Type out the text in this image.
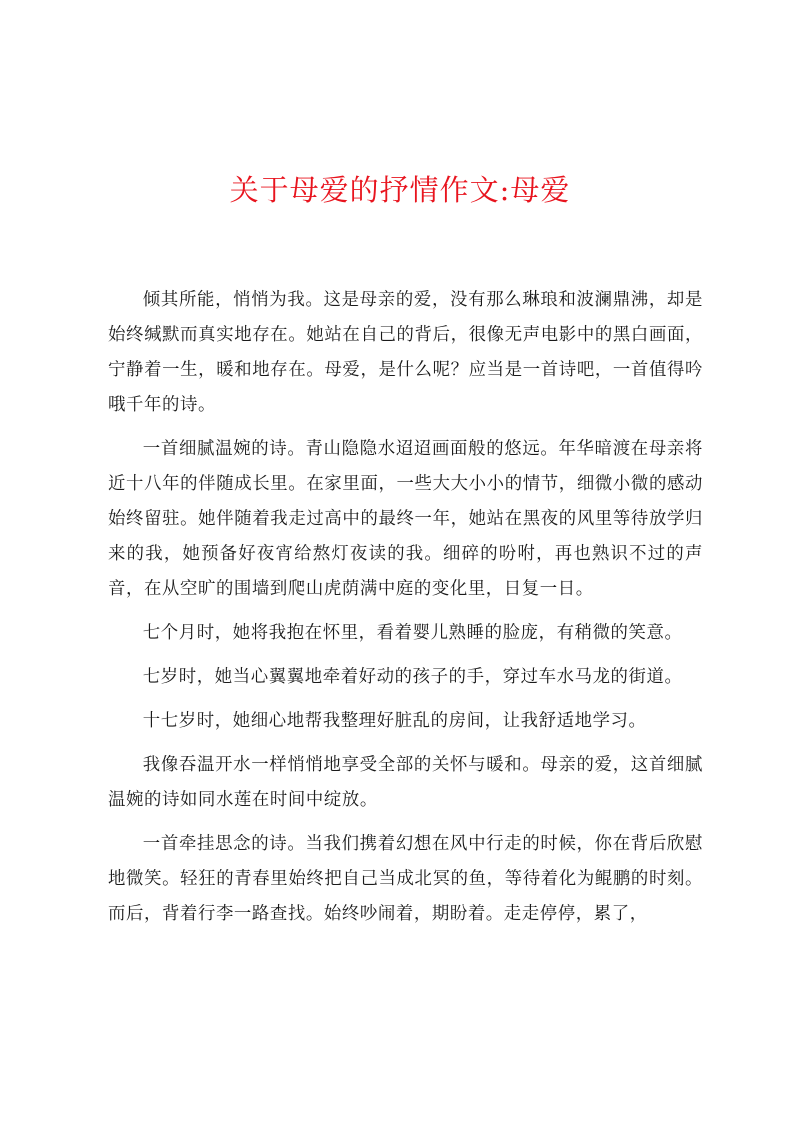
关于母爱的抒情作文:母爱

倾其所能，悄悄为我。这是母亲的爱，没有那么琳琅和波澜鼎沸，却是始终缄默而真实地存在。她站在自己的背后，很像无声电影中的黑白画面，宁静着一生，暖和地存在。母爱，是什么呢？应当是一首诗吧，一首值得吟哦千年的诗。

一首细腻温婉的诗。青山隐隐水迢迢画面般的悠远。年华暗渡在母亲将近十八年的伴随成长里。在家里面，一些大大小小的情节，细微小微的感动始终留驻。她伴随着我走过高中的最终一年，她站在黑夜的风里等待放学归来的我，她预备好夜宵给熬灯夜读的我。细碎的吩咐，再也熟识不过的声音，在从空旷的围墙到爬山虎荫满中庭的变化里，日复一日。

七个月时，她将我抱在怀里，看着婴儿熟睡的脸庞，有稍微的笑意。

七岁时，她当心翼翼地牵着好动的孩子的手，穿过车水马龙的街道。

十七岁时，她细心地帮我整理好脏乱的房间，让我舒适地学习。

我像吞温开水一样悄悄地享受全部的关怀与暖和。母亲的爱，这首细腻温婉的诗如同水莲在时间中绽放。

一首牵挂思念的诗。当我们携着幻想在风中行走的时候，你在背后欣慰地微笑。轻狂的青春里始终把自己当成北冥的鱼，等待着化为鲲鹏的时刻。而后，背着行李一路查找。始终吵闹着，期盼着。走走停停，累了，
